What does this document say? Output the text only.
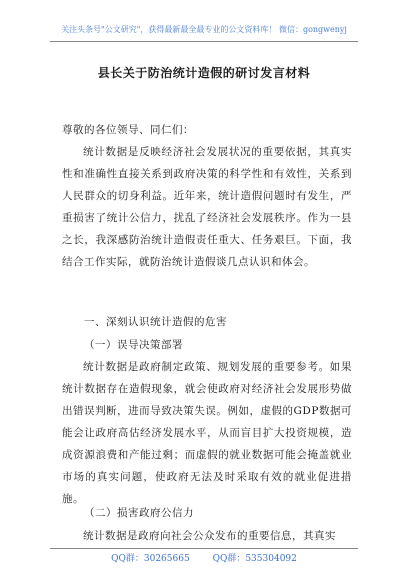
关注头条号"公文研究"，获得最新最全最专业的公文资料库！ 微信：gongwenyj
县长关于防治统计造假的研讨发言材料
尊敬的各位领导、同仁们：
统计数据是反映经济社会发展状况的重要依据，其真实性和准确性直接关系到政府决策的科学性和有效性，关系到人民群众的切身利益。近年来，统计造假问题时有发生，严重损害了统计公信力，扰乱了经济社会发展秩序。作为一县之长，我深感防治统计造假责任重大、任务艰巨。下面，我结合工作实际，就防治统计造假谈几点认识和体会。
一、深刻认识统计造假的危害
（一）误导决策部署
统计数据是政府制定政策、规划发展的重要参考。如果统计数据存在造假现象，就会使政府对经济社会发展形势做出错误判断，进而导致决策失误。例如，虚假的GDP数据可能会让政府高估经济发展水平，从而盲目扩大投资规模，造成资源浪费和产能过剩；而虚假的就业数据可能会掩盖就业市场的真实问题，使政府无法及时采取有效的就业促进措施。
（二）损害政府公信力
统计数据是政府向社会公众发布的重要信息，其真实
QQ群：30265665	QQ群：535304092
